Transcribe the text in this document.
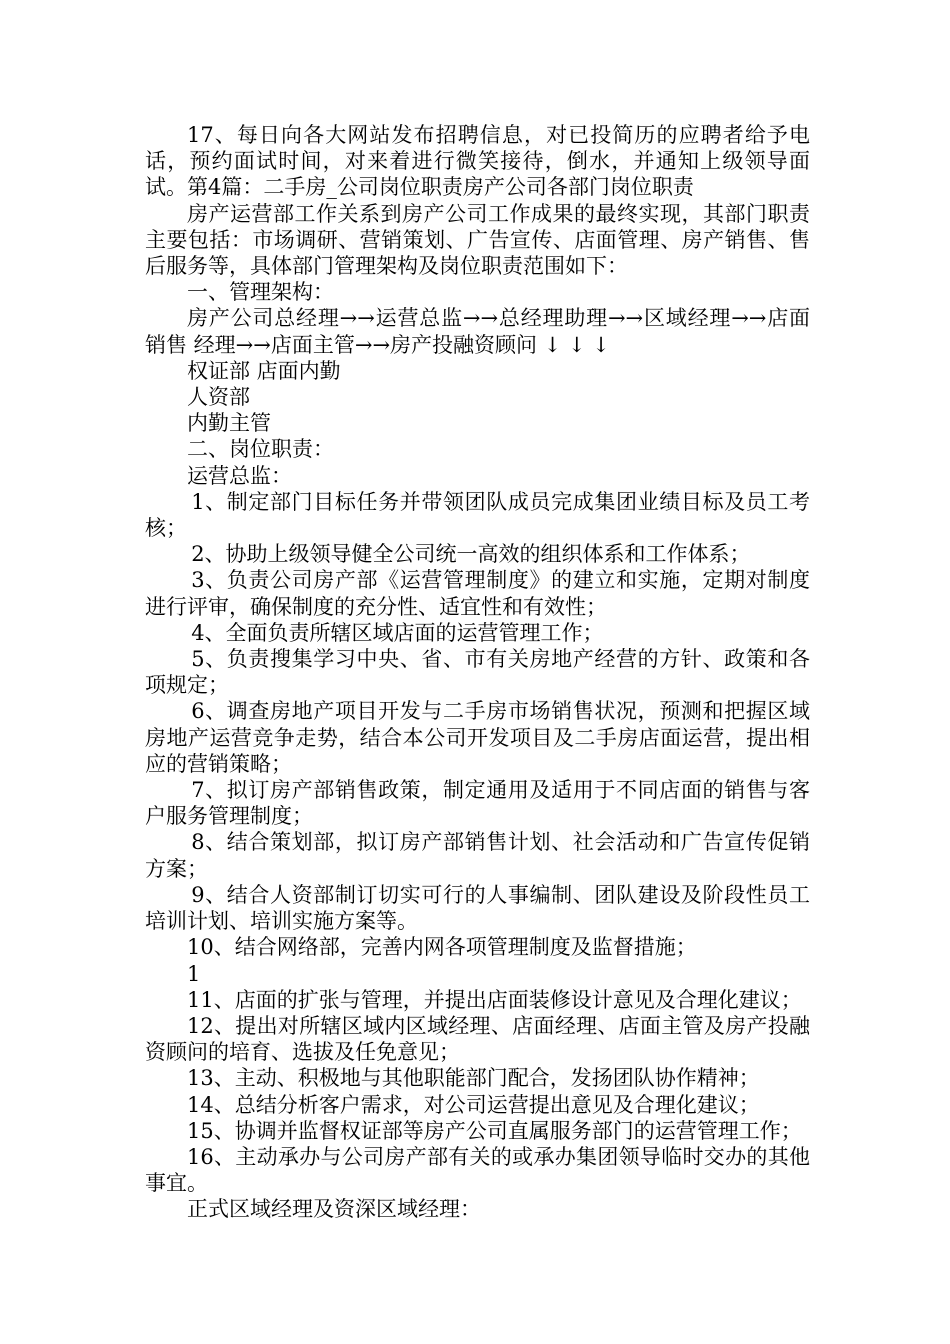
17、每日向各大网站发布招聘信息，对已投简历的应聘者给予电话，预约面试时间，对来着进行微笑接待，倒水，并通知上级领导面试。第4篇：二手房_公司岗位职责房产公司各部门岗位职责

房产运营部工作关系到房产公司工作成果的最终实现，其部门职责主要包括：市场调研、营销策划、广告宣传、店面管理、房产销售、售后服务等，具体部门管理架构及岗位职责范围如下：

一、管理架构：

房产公司总经理→→运营总监→→总经理助理→→区域经理→→店面销售 经理→→店面主管→→房产投融资顾问 ↓ ↓ ↓

权证部 店面内勤

人资部

内勤主管

二、岗位职责：

运营总监：

1、制定部门目标任务并带领团队成员完成集团业绩目标及员工考核；

2、协助上级领导健全公司统一高效的组织体系和工作体系；

3、负责公司房产部《运营管理制度》的建立和实施，定期对制度进行评审，确保制度的充分性、适宜性和有效性；

4、全面负责所辖区域店面的运营管理工作；

5、负责搜集学习中央、省、市有关房地产经营的方针、政策和各项规定；

6、调查房地产项目开发与二手房市场销售状况，预测和把握区域房地产运营竞争走势，结合本公司开发项目及二手房店面运营，提出相应的营销策略；

7、拟订房产部销售政策，制定通用及适用于不同店面的销售与客户服务管理制度；

8、结合策划部，拟订房产部销售计划、社会活动和广告宣传促销方案；

9、结合人资部制订切实可行的人事编制、团队建设及阶段性员工培训计划、培训实施方案等。

10、结合网络部，完善内网各项管理制度及监督措施；

1

11、店面的扩张与管理，并提出店面装修设计意见及合理化建议；

12、提出对所辖区域内区域经理、店面经理、店面主管及房产投融资顾问的培育、选拔及任免意见；

13、主动、积极地与其他职能部门配合，发扬团队协作精神；

14、总结分析客户需求，对公司运营提出意见及合理化建议；

15、协调并监督权证部等房产公司直属服务部门的运营管理工作；

16、主动承办与公司房产部有关的或承办集团领导临时交办的其他事宜。

正式区域经理及资深区域经理：
